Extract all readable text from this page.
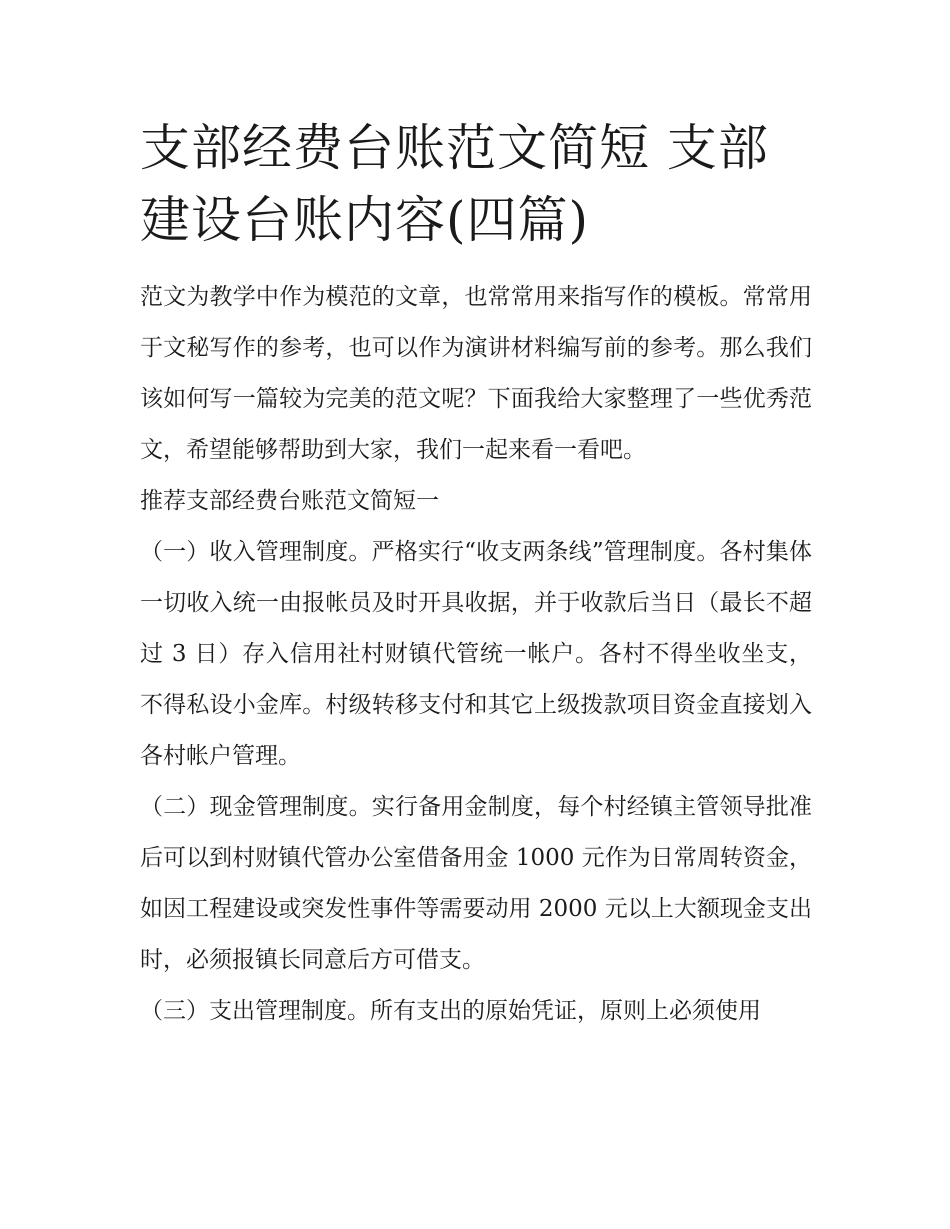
支部经费台账范文简短 支部建设台账内容(四篇)

范文为教学中作为模范的文章，也常常用来指写作的模板。常常用于文秘写作的参考，也可以作为演讲材料编写前的参考。那么我们该如何写一篇较为完美的范文呢？下面我给大家整理了一些优秀范文，希望能够帮助到大家，我们一起来看一看吧。

推荐支部经费台账范文简短一

（一）收入管理制度。严格实行“收支两条线”管理制度。各村集体一切收入统一由报帐员及时开具收据，并于收款后当日（最长不超过 3 日）存入信用社村财镇代管统一帐户。各村不得坐收坐支，不得私设小金库。村级转移支付和其它上级拨款项目资金直接划入各村帐户管理。

（二）现金管理制度。实行备用金制度，每个村经镇主管领导批准后可以到村财镇代管办公室借备用金 1000 元作为日常周转资金，如因工程建设或突发性事件等需要动用 2000 元以上大额现金支出时，必须报镇长同意后方可借支。

（三）支出管理制度。所有支出的原始凭证，原则上必须使用
